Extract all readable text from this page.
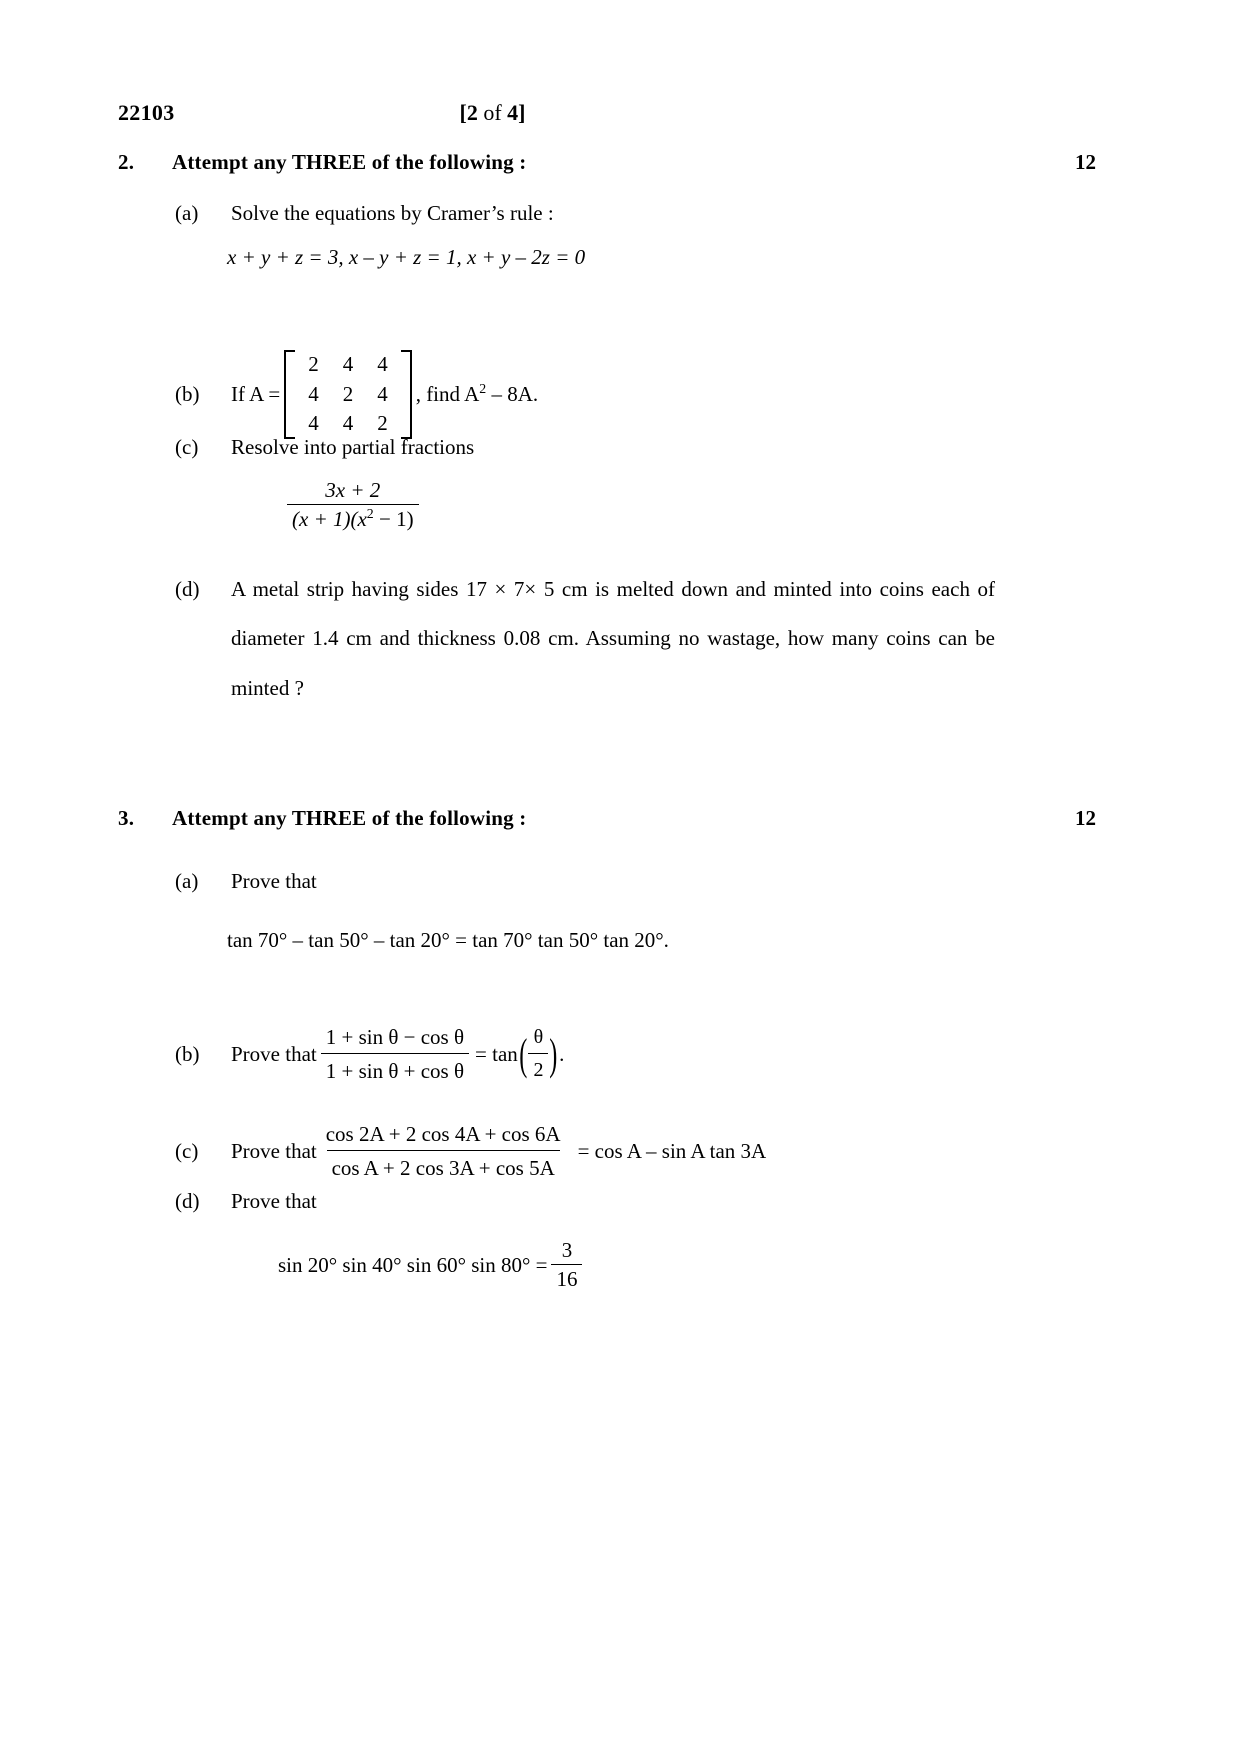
22103	[2 of 4]
2.	Attempt any THREE of the following :	12
(a)	Solve the equations by Cramer’s rule :
x + y + z = 3, x – y + z = 1, x + y – 2z = 0
(b)	If A =
2	4	4
4	2	4
4	4	2
, find $A^2 - 8A$.
(c)	Resolve into partial fractions
$\frac{3x + 2}{(x + 1)(x^2 - 1)}$
(d)	A metal strip having sides 17 × 7× 5 cm is melted down and minted into coins each of diameter 1.4 cm and thickness 0.08 cm. Assuming no wastage, how many coins can be minted ?
3.	Attempt any THREE of the following :	12
(a)	Prove that
tan 70° – tan 50° – tan 20° = tan 70° tan 50° tan 20°.
(b)	Prove that $\frac{\text{1 + sin θ − cos θ}}{\text{1 + sin θ + cos θ}} = \tan$ ( $\frac{\theta}{2}$ ) .
(c)	Prove that $\frac{\cos 2A + 2 \cos 4A + \cos 6A}{\text{cos A + 2 cos 3A + cos 5A}} = \cos A - \sin A$ tan 3A
(d)	Prove that
sin 20° sin 40° sin 60° $\sin 80^\circ = \frac{3}{16}$
